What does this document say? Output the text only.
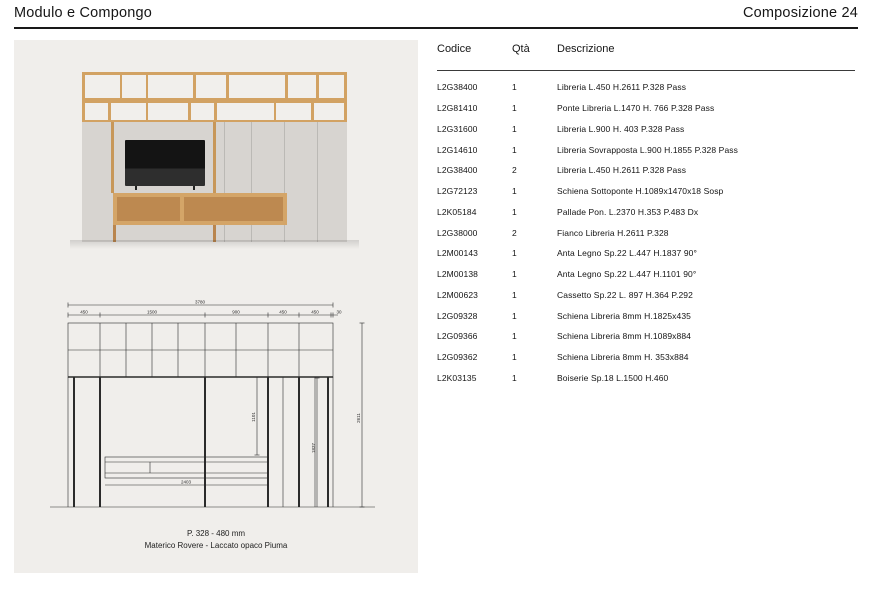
Modulo e Compongo	Composizione 24
3780
450	1500	900	450	450	30
2403
1101
1837
2611
P. 328 - 480 mm
Materico Rovere - Laccato opaco Piuma
Codice	Qtà Descrizione
L2G38400	1	Libreria L.450 H.2611 P.328 Pass
L2G81410	1	Ponte Libreria L.1470 H. 766 P.328 Pass
L2G31600	1	Libreria L.900 H. 403 P.328 Pass
L2G14610	1	Libreria Sovrapposta L.900 H.1855 P.328 Pass
L2G38400	2	Libreria L.450 H.2611 P.328 Pass
L2G72123	1	Schiena Sottoponte H.1089x1470x18 Sosp
L2K05184	1	Pallade Pon. L.2370 H.353 P.483 Dx
L2G38000	2	Fianco Libreria H.2611 P.328
L2M00143	1	Anta Legno Sp.22 L.447 H.1837 90°
L2M00138	1	Anta Legno Sp.22 L.447 H.1101 90°
L2M00623	1	Cassetto Sp.22 L. 897 H.364 P.292
L2G09328	1	Schiena Libreria 8mm H.1825x435
L2G09366	1	Schiena Libreria 8mm H.1089x884
L2G09362	1	Schiena Libreria 8mm H. 353x884
L2K03135	1	Boiserie Sp.18 L.1500 H.460
